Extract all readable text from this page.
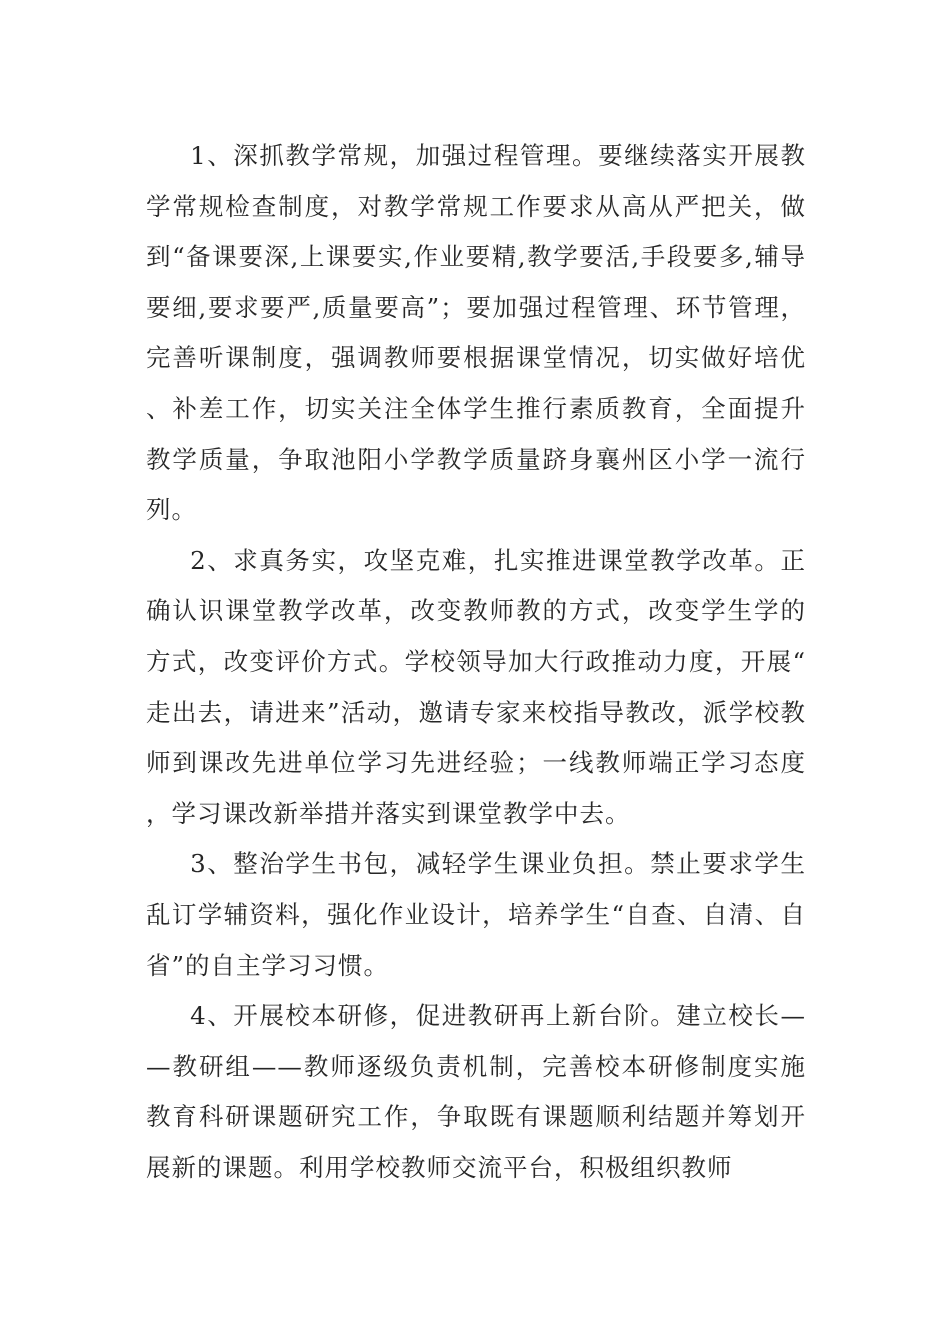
1、深抓教学常规，加强过程管理。要继续落实开展教学常规检查制度，对教学常规工作要求从高从严把关，做到“备课要深,上课要实,作业要精,教学要活,手段要多,辅导要细,要求要严,质量要高”；要加强过程管理、环节管理，完善听课制度，强调教师要根据课堂情况，切实做好培优、补差工作，切实关注全体学生推行素质教育，全面提升教学质量，争取池阳小学教学质量跻身襄州区小学一流行列。

2、求真务实，攻坚克难，扎实推进课堂教学改革。正确认识课堂教学改革，改变教师教的方式，改变学生学的方式，改变评价方式。学校领导加大行政推动力度，开展“走出去，请进来”活动，邀请专家来校指导教改，派学校教师到课改先进单位学习先进经验；一线教师端正学习态度，学习课改新举措并落实到课堂教学中去。

3、整治学生书包，减轻学生课业负担。禁止要求学生乱订学辅资料，强化作业设计，培养学生“自查、自清、自省”的自主学习习惯。

4、开展校本研修，促进教研再上新台阶。建立校长——教研组——教师逐级负责机制，完善校本研修制度实施教育科研课题研究工作，争取既有课题顺利结题并筹划开展新的课题。利用学校教师交流平台，积极组织教师
